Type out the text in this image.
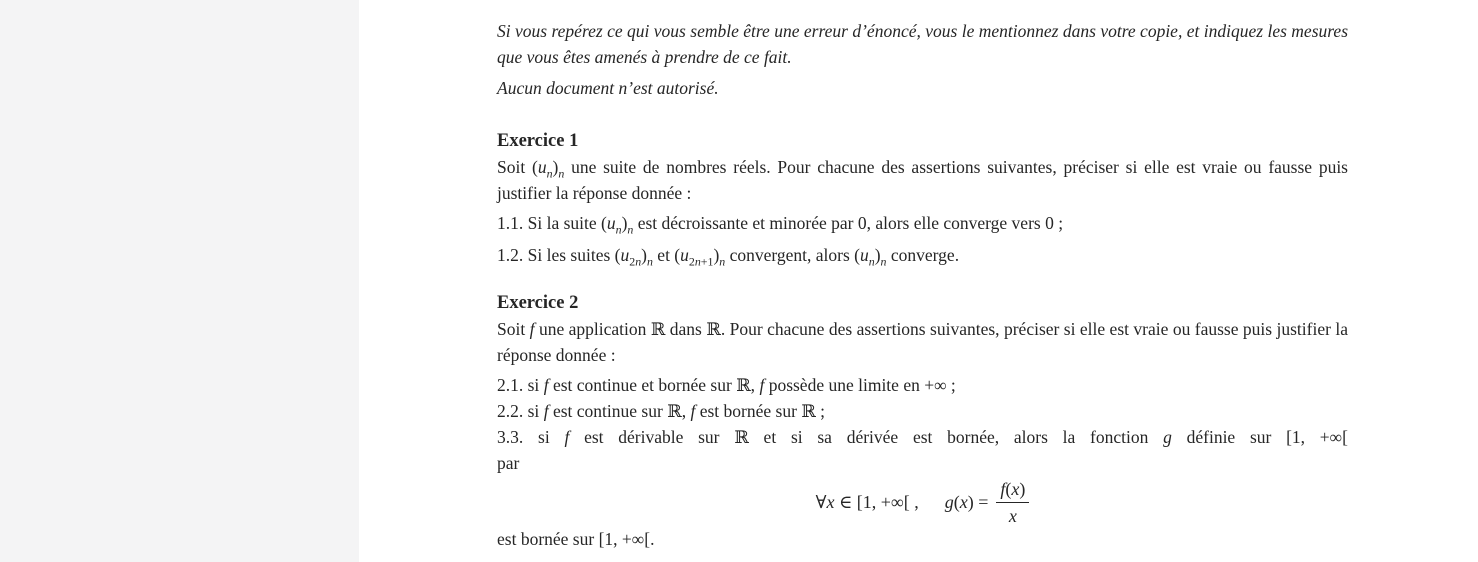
Si vous repérez ce qui vous semble être une erreur d’énoncé, vous le mentionnez dans votre copie, et indiquez les mesures que vous êtes amenés à prendre de ce fait.

Aucun document n’est autorisé.

Exercice 1

Soit $(u_n)_n$ une suite de nombres réels. Pour chacune des assertions suivantes, préciser si elle est vraie ou fausse puis justifier la réponse donnée :

1.1. Si la suite $(u_n)_n$ est décroissante et minorée par 0, alors elle converge vers 0 ;

1.2. Si les suites $(u_{2n})_n$ et $(u_{2n+1})_n$ convergent, alors $(u_n)_n$ converge.

Exercice 2

Soit f une application ℝ dans ℝ. Pour chacune des assertions suivantes, préciser si elle est vraie ou fausse puis justifier la réponse donnée :

2.1. si f est continue et bornée sur ℝ, f possède une limite en +∞ ;

2.2. si f est continue sur ℝ, f est bornée sur ℝ ;

3.3. si f est dérivable sur ℝ et si sa dérivée est bornée, alors la fonction g définie sur [1, +∞[

par

∀x ∈ [1, +∞[ , $g(x) = \frac{f(x)}{x}$

est bornée sur [1, +∞[.
